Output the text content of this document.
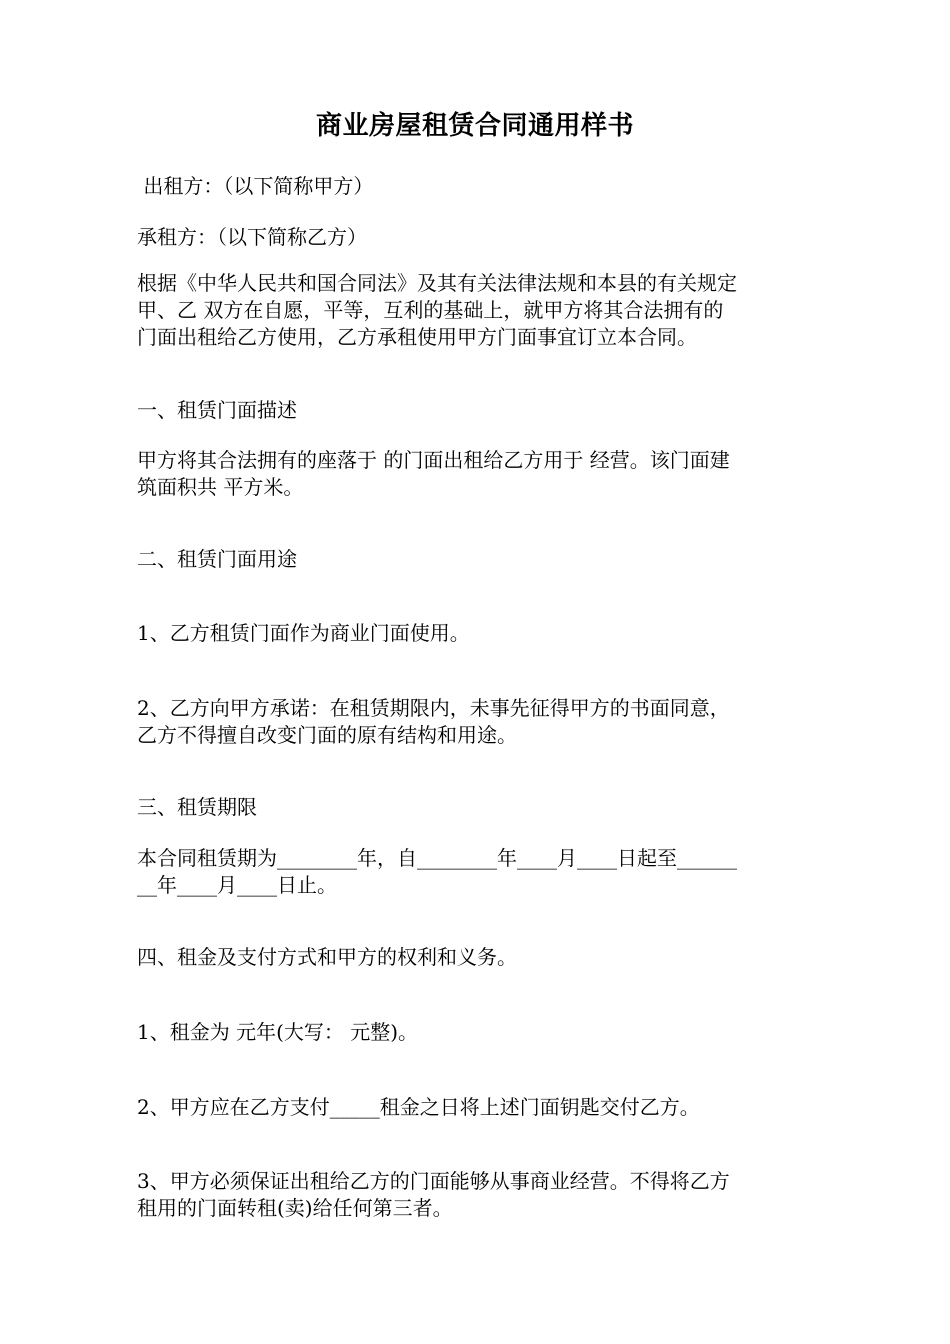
商业房屋租赁合同通用样书
出租方：（以下简称甲方）
承租方：（以下简称乙方）
根据《中华人民共和国合同法》及其有关法律法规和本县的有关规定
甲、乙 双方在自愿，平等，互利的基础上，就甲方将其合法拥有的
门面出租给乙方使用，乙方承租使用甲方门面事宜订立本合同。
一、租赁门面描述
甲方将其合法拥有的座落于 的门面出租给乙方用于 经营。该门面建
筑面积共 平方米。
二、租赁门面用途
1、乙方租赁门面作为商业门面使用。
2、乙方向甲方承诺：在租赁期限内，未事先征得甲方的书面同意，
乙方不得擅自改变门面的原有结构和用途。
三、租赁期限
本合同租赁期为________年，自________年____月____日起至______
__年____月____日止。
四、租金及支付方式和甲方的权利和义务。
1、租金为 元年(大写： 元整)。
2、甲方应在乙方支付_____租金之日将上述门面钥匙交付乙方。
3、甲方必须保证出租给乙方的门面能够从事商业经营。不得将乙方
租用的门面转租(卖)给任何第三者。
